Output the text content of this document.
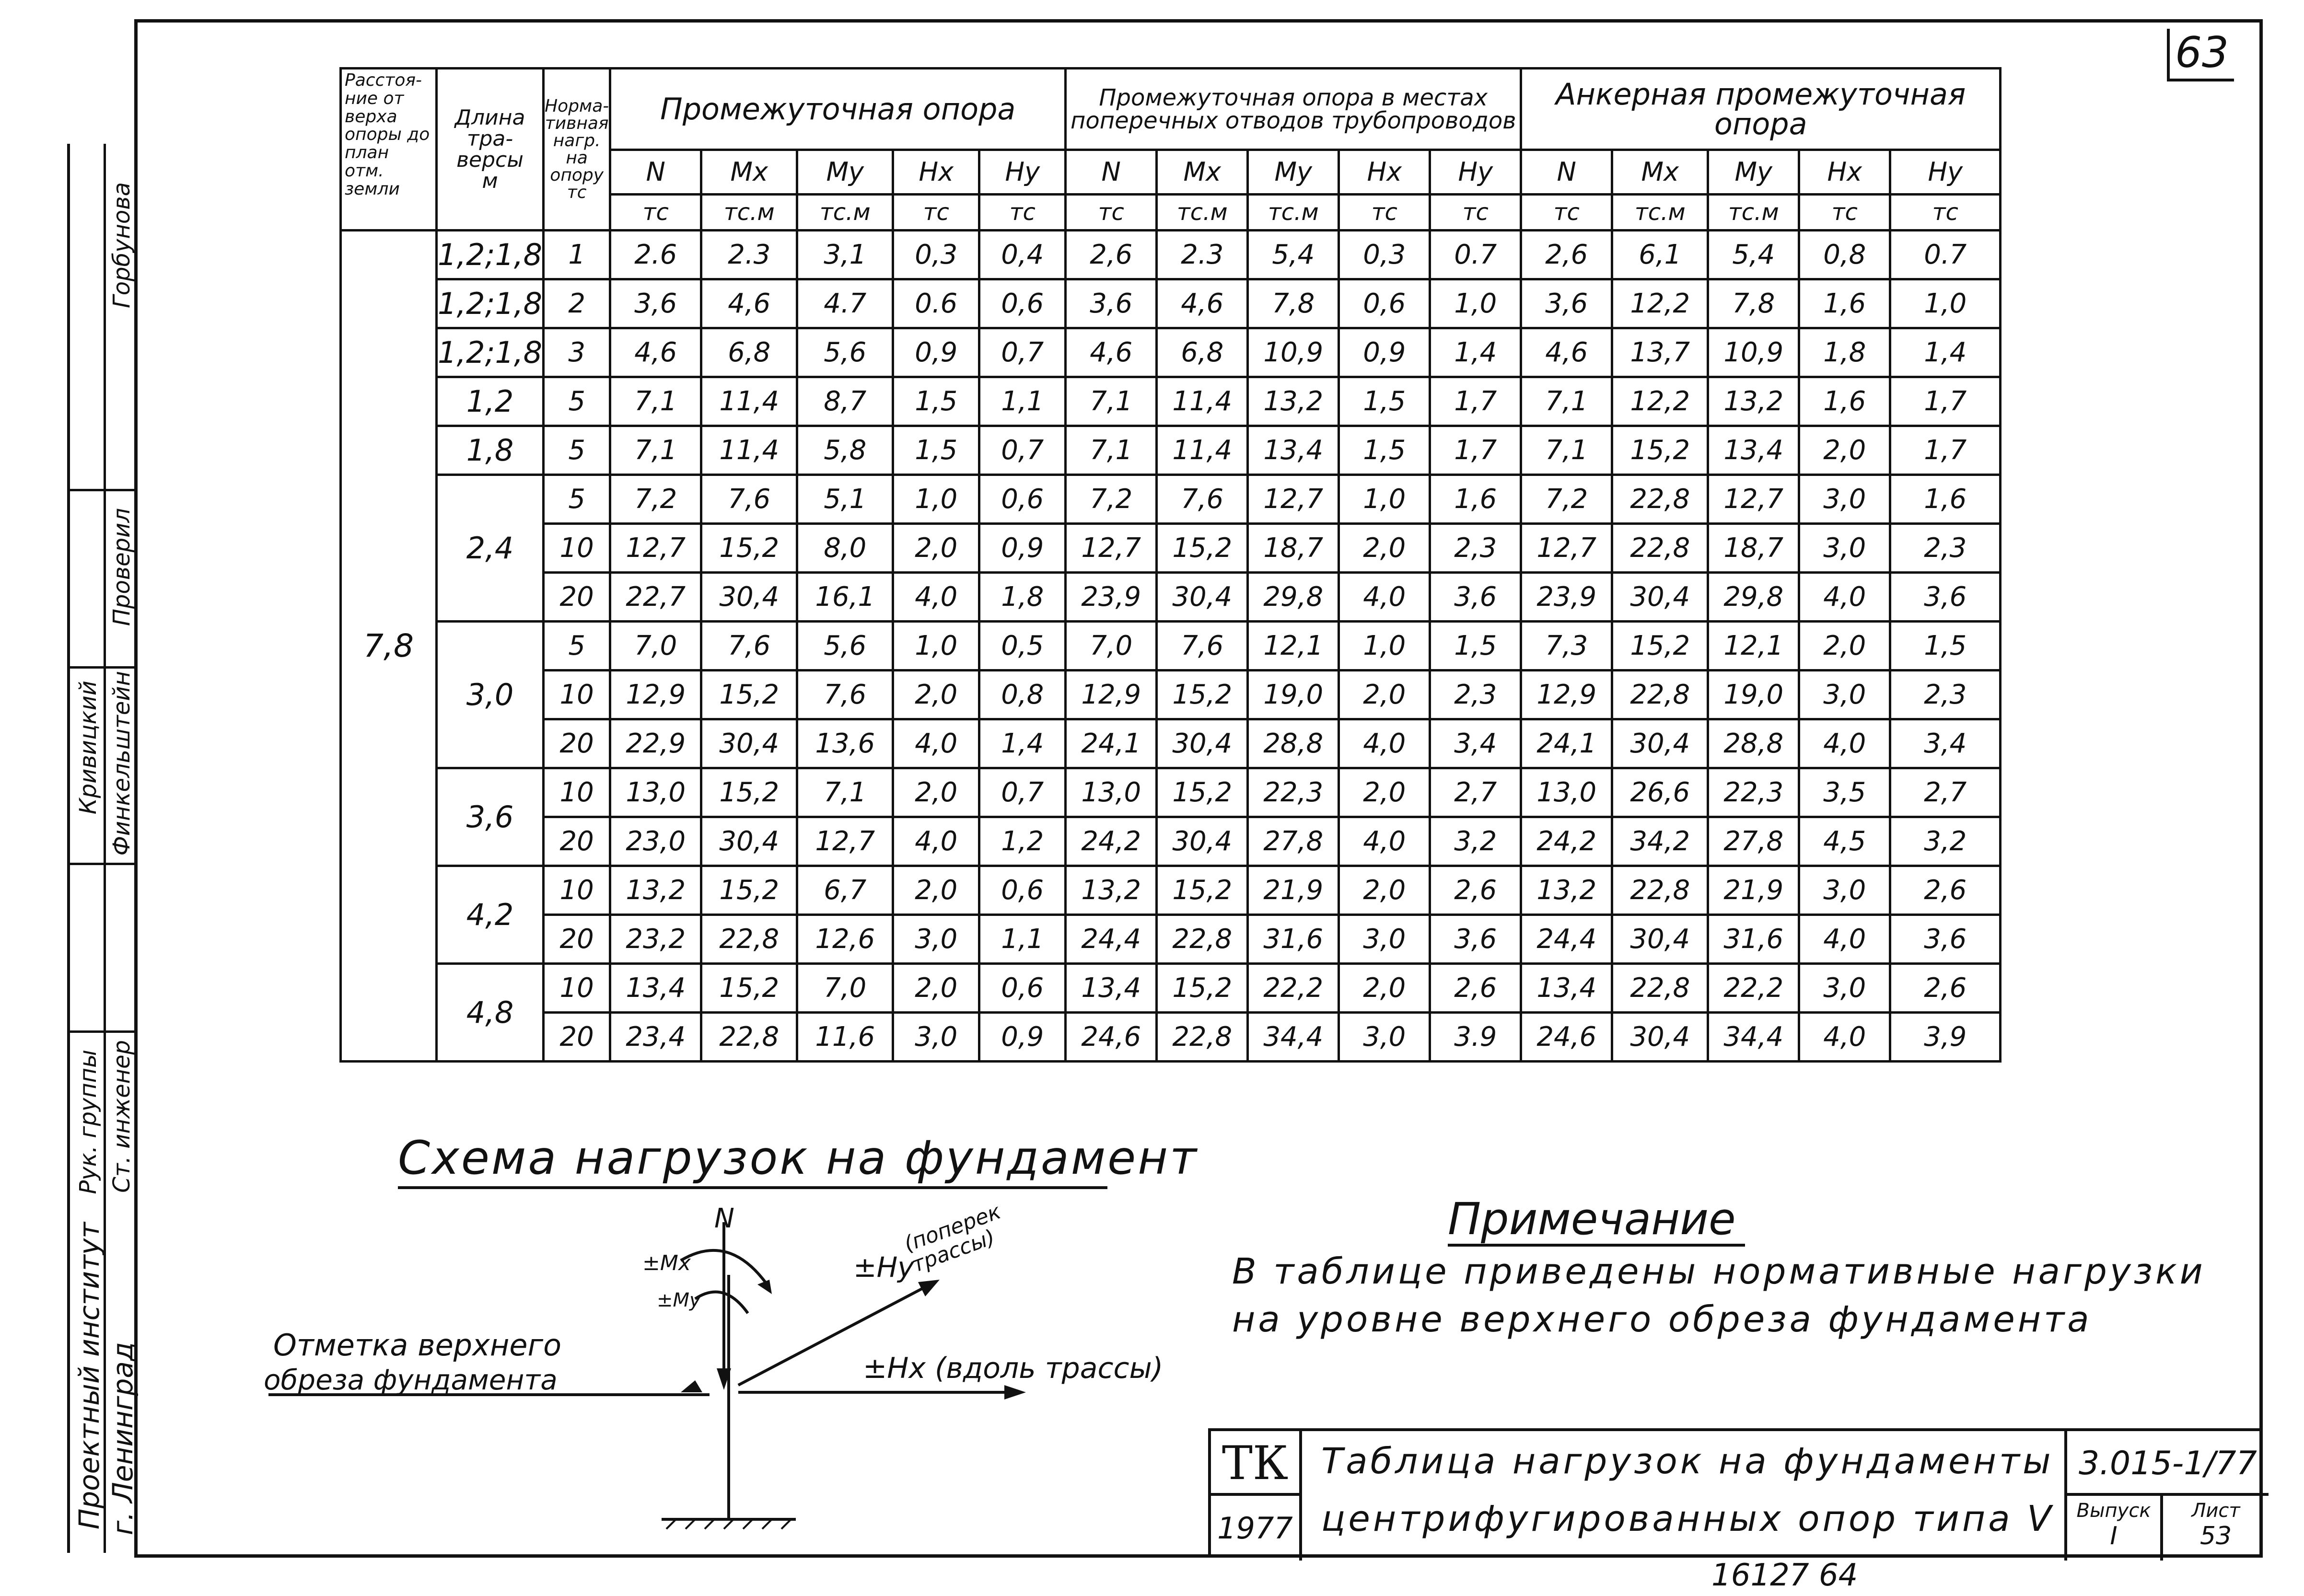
63
Проектный институт г. Ленинград
Рук. группы Ст. инженер
Кривицкий Финкельштейн
Проверил
Горбунова
Расстоя-ние от верха опоры до план отм. земли	Длина тра-версы
м	Норма-тивная нагр. на опору
тс	Промежуточная опора					Промежуточная опора в местах поперечных отводов трубопроводов					Анкерная промежуточная опора				
			N	Mx	My	Hx	Hy	N	Mx	My	Hx	Hy	N	Mx	My	Hx	Hy
			тс	тс.м	тс.м	тс	тс	тс	тс.м	тс.м	тс	тс	тс	тс.м	тс.м	тс	тс
7,8	1,2;1,8	1	2.6	2.3	3,1	0,3	0,4	2,6	2.3	5,4	0,3	0.7	2,6	6,1	5,4	0,8	0.7
	1,2;1,8	2	3,6	4,6	4.7	0.6	0,6	3,6	4,6	7,8	0,6	1,0	3,6	12,2	7,8	1,6	1,0
	1,2;1,8	3	4,6	6,8	5,6	0,9	0,7	4,6	6,8	10,9	0,9	1,4	4,6	13,7	10,9	1,8	1,4
	1,2	5	7,1	11,4	8,7	1,5	1,1	7,1	11,4	13,2	1,5	1,7	7,1	12,2	13,2	1,6	1,7
	1,8	5	7,1	11,4	5,8	1,5	0,7	7,1	11,4	13,4	1,5	1,7	7,1	15,2	13,4	2,0	1,7
	2,4	5	7,2	7,6	5,1	1,0	0,6	7,2	7,6	12,7	1,0	1,6	7,2	22,8	12,7	3,0	1,6
		10	12,7	15,2	8,0	2,0	0,9	12,7	15,2	18,7	2,0	2,3	12,7	22,8	18,7	3,0	2,3
		20	22,7	30,4	16,1	4,0	1,8	23,9	30,4	29,8	4,0	3,6	23,9	30,4	29,8	4,0	3,6
	3,0	5	7,0	7,6	5,6	1,0	0,5	7,0	7,6	12,1	1,0	1,5	7,3	15,2	12,1	2,0	1,5
		10	12,9	15,2	7,6	2,0	0,8	12,9	15,2	19,0	2,0	2,3	12,9	22,8	19,0	3,0	2,3
		20	22,9	30,4	13,6	4,0	1,4	24,1	30,4	28,8	4,0	3,4	24,1	30,4	28,8	4,0	3,4
	3,6	10	13,0	15,2	7,1	2,0	0,7	13,0	15,2	22,3	2,0	2,7	13,0	26,6	22,3	3,5	2,7
		20	23,0	30,4	12,7	4,0	1,2	24,2	30,4	27,8	4,0	3,2	24,2	34,2	27,8	4,5	3,2
	4,2	10	13,2	15,2	6,7	2,0	0,6	13,2	15,2	21,9	2,0	2,6	13,2	22,8	21,9	3,0	2,6
		20	23,2	22,8	12,6	3,0	1,1	24,4	22,8	31,6	3,0	3,6	24,4	30,4	31,6	4,0	3,6
	4,8	10	13,4	15,2	7,0	2,0	0,6	13,4	15,2	22,2	2,0	2,6	13,4	22,8	22,2	3,0	2,6
		20	23,4	22,8	11,6	3,0	0,9	24,6	22,8	34,4	3,0	3.9	24,6	30,4	34,4	4,0	3,9
Схема нагрузок на фундамент
N
±Mx
±My
±Hy
(поперек трассы)
±Hx (вдоль трассы)
Отметка верхнего
обреза фундамента
Примечание
В таблице приведены нормативные нагрузки
на уровне верхнего обреза фундамента
ТК
1977
Таблица нагрузок на фундаменты
центрифугированных опор типа V
3.015-1/77
Выпуск
I
Лист
53
16127 64
